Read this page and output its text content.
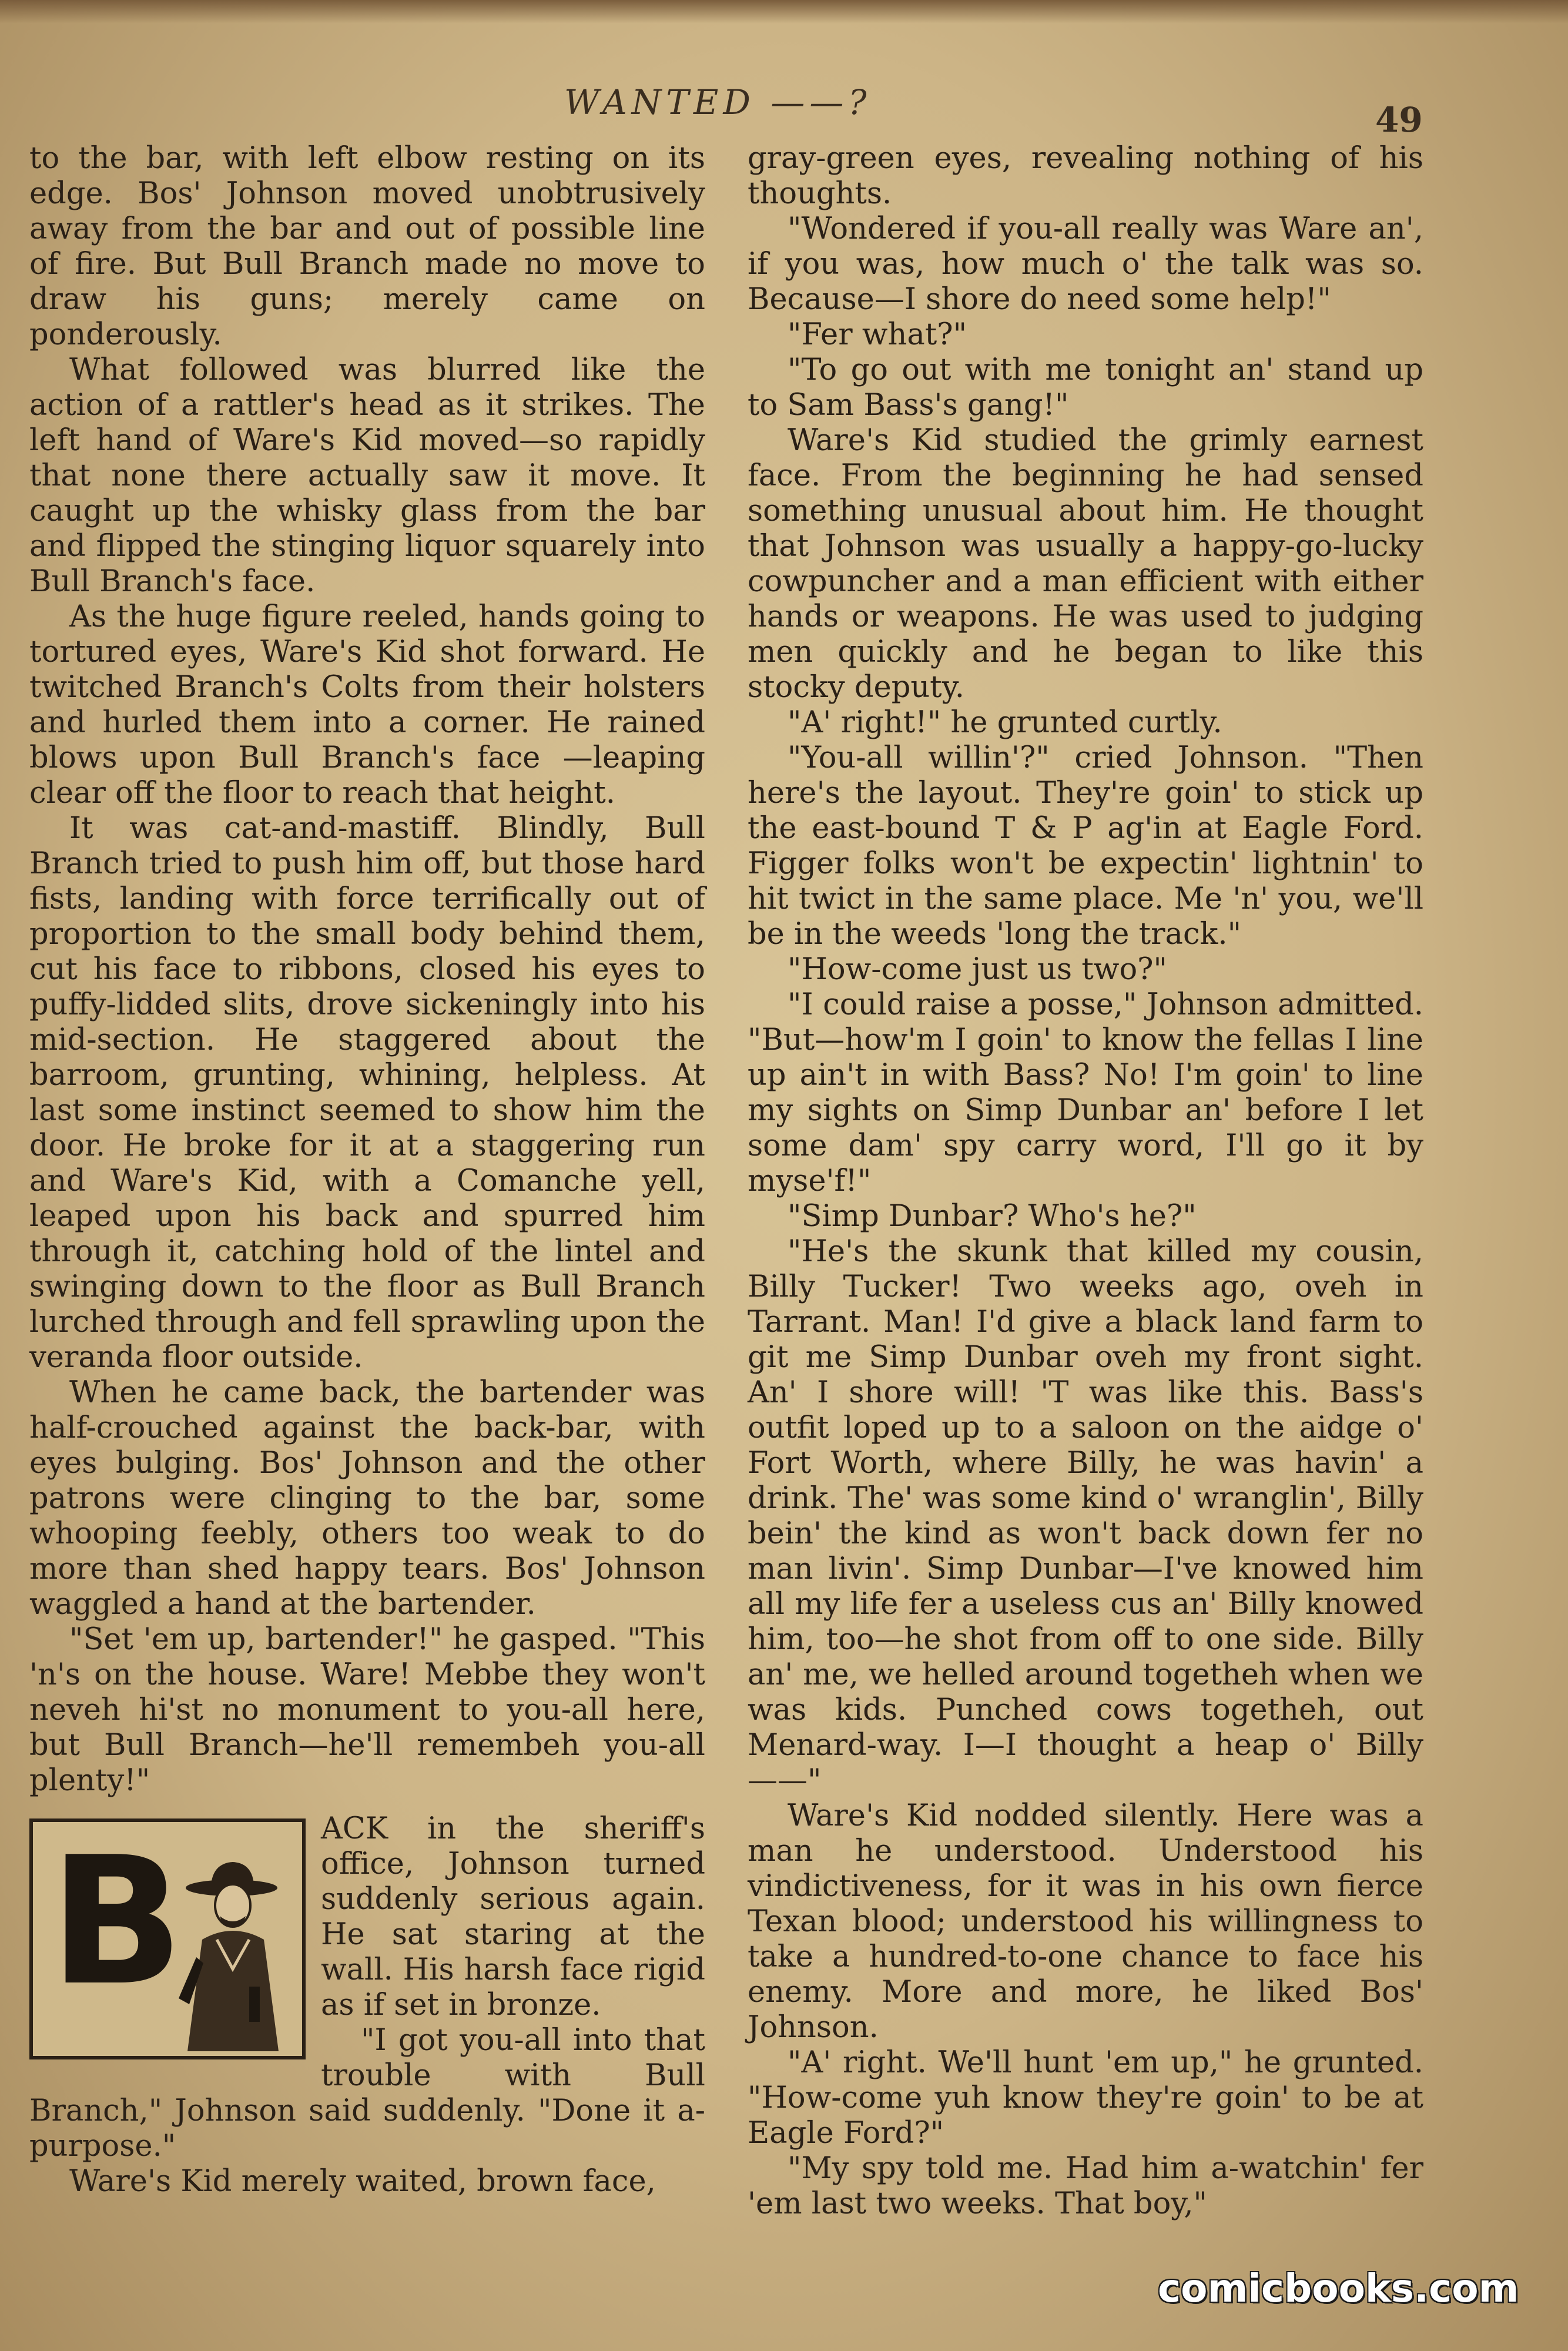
WANTED ——?	49

to the bar, with left elbow resting on its edge. Bos' Johnson moved unobtrusively away from the bar and out of possible line of fire. But Bull Branch made no move to draw his guns; merely came on ponderously.

What followed was blurred like the action of a rattler's head as it strikes. The left hand of Ware's Kid moved—so rapidly that none there actually saw it move. It caught up the whisky glass from the bar and flipped the stinging liquor squarely into Bull Branch's face.

As the huge figure reeled, hands going to tortured eyes, Ware's Kid shot forward. He twitched Branch's Colts from their holsters and hurled them into a corner. He rained blows upon Bull Branch's face —leaping clear off the floor to reach that height.

It was cat-and-mastiff. Blindly, Bull Branch tried to push him off, but those hard fists, landing with force terrifically out of proportion to the small body behind them, cut his face to ribbons, closed his eyes to puffy-lidded slits, drove sickeningly into his mid-section. He staggered about the barroom, grunting, whining, helpless. At last some instinct seemed to show him the door. He broke for it at a staggering run and Ware's Kid, with a Comanche yell, leaped upon his back and spurred him through it, catching hold of the lintel and swinging down to the floor as Bull Branch lurched through and fell sprawling upon the veranda floor outside.

When he came back, the bartender was half-crouched against the back-bar, with eyes bulging. Bos' Johnson and the other patrons were clinging to the bar, some whooping feebly, others too weak to do more than shed happy tears. Bos' Johnson waggled a hand at the bartender.

"Set 'em up, bartender!" he gasped. "This 'n's on the house. Ware! Mebbe they won't neveh hi'st no monument to you-all here, but Bull Branch—he'll remembeh you-all plenty!"

B	ACK in the sheriff's office, Johnson turned suddenly serious again. He sat staring at the wall. His harsh face rigid as if set in bronze.

"I got you-all into that trouble with Bull Branch," Johnson said suddenly. "Done it a-purpose."

Ware's Kid merely waited, brown face,

gray-green eyes, revealing nothing of his thoughts.

"Wondered if you-all really was Ware an', if you was, how much o' the talk was so. Because—I shore do need some help!"

"Fer what?"

"To go out with me tonight an' stand up to Sam Bass's gang!"

Ware's Kid studied the grimly earnest face. From the beginning he had sensed something unusual about him. He thought that Johnson was usually a happy-go-lucky cowpuncher and a man efficient with either hands or weapons. He was used to judging men quickly and he began to like this stocky deputy.

"A' right!" he grunted curtly.

"You-all willin'?" cried Johnson. "Then here's the layout. They're goin' to stick up the east-bound T & P ag'in at Eagle Ford. Figger folks won't be expectin' lightnin' to hit twict in the same place. Me 'n' you, we'll be in the weeds 'long the track."

"How-come just us two?"

"I could raise a posse," Johnson admitted. "But—how'm I goin' to know the fellas I line up ain't in with Bass? No! I'm goin' to line my sights on Simp Dunbar an' before I let some dam' spy carry word, I'll go it by myse'f!"

"Simp Dunbar? Who's he?"

"He's the skunk that killed my cousin, Billy Tucker! Two weeks ago, oveh in Tarrant. Man! I'd give a black land farm to git me Simp Dunbar oveh my front sight. An' I shore will! 'T was like this. Bass's outfit loped up to a saloon on the aidge o' Fort Worth, where Billy, he was havin' a drink. The' was some kind o' wranglin', Billy bein' the kind as won't back down fer no man livin'. Simp Dunbar—I've knowed him all my life fer a useless cus an' Billy knowed him, too—he shot from off to one side. Billy an' me, we helled around togetheh when we was kids. Punched cows togetheh, out Menard-way. I—I thought a heap o' Billy——"

Ware's Kid nodded silently. Here was a man he understood. Understood his vindictiveness, for it was in his own fierce Texan blood; understood his willingness to take a hundred-to-one chance to face his enemy. More and more, he liked Bos' Johnson.

"A' right. We'll hunt 'em up," he grunted. "How-come yuh know they're goin' to be at Eagle Ford?"

"My spy told me. Had him a-watchin' fer 'em last two weeks. That boy,"

comicbooks.com
